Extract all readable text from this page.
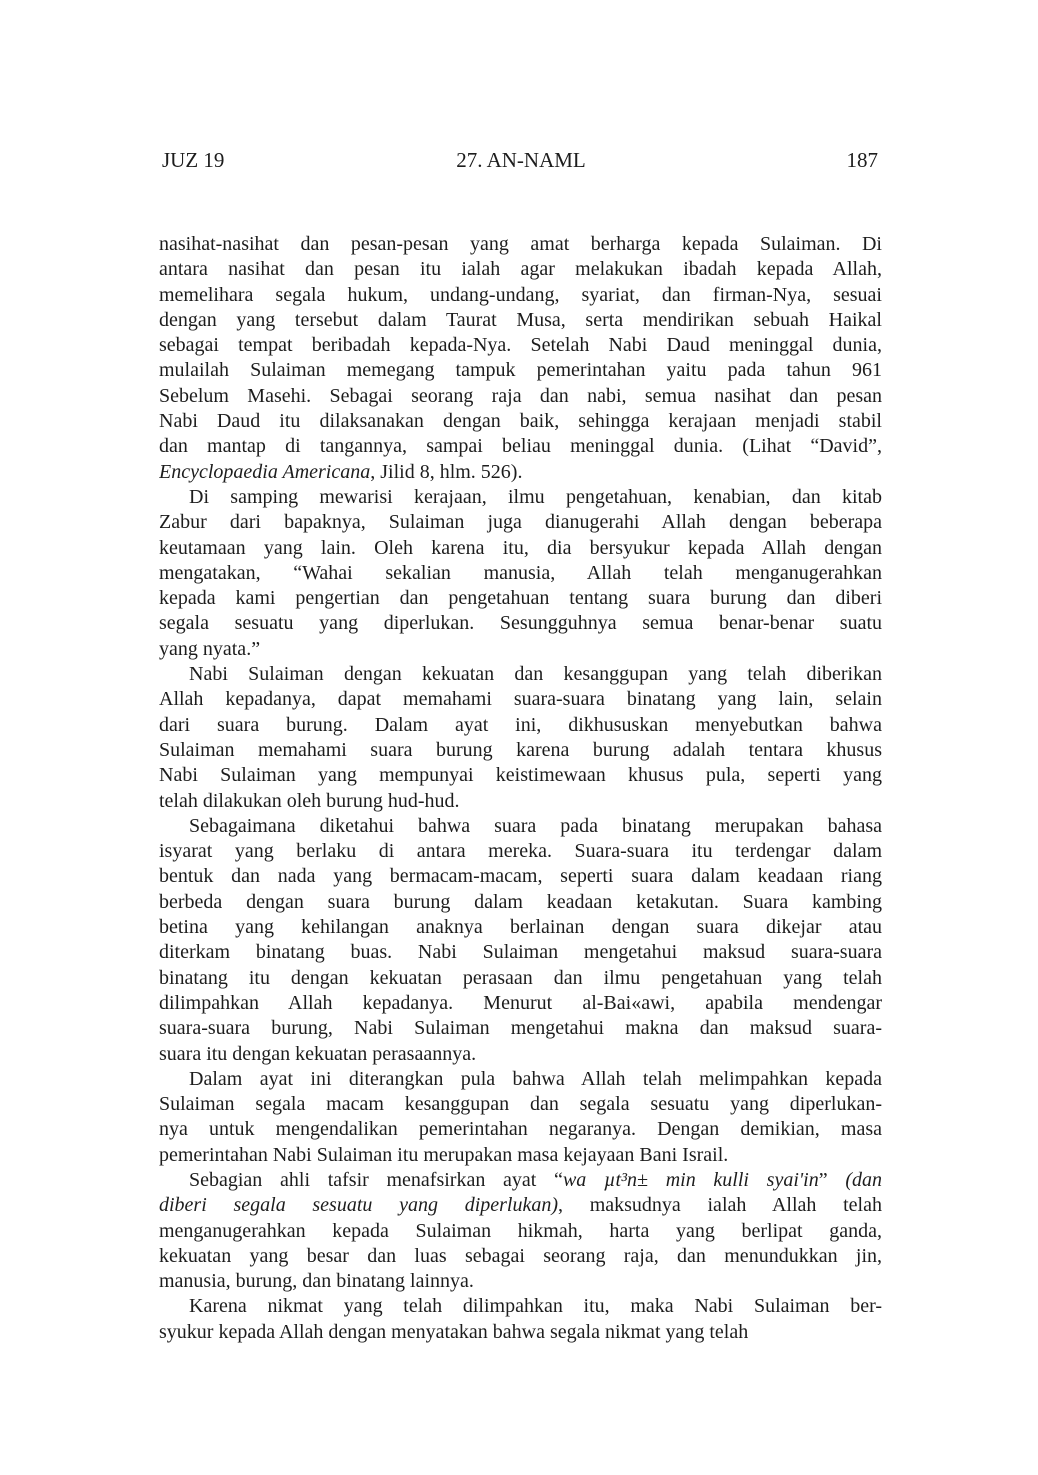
JUZ 19	27. AN-NAML	187
nasihat-nasihat dan pesan-pesan yang amat berharga kepada Sulaiman. Di
antara nasihat dan pesan itu ialah agar melakukan ibadah kepada Allah,
memelihara segala hukum, undang-undang, syariat, dan firman-Nya, sesuai
dengan yang tersebut dalam Taurat Musa, serta mendirikan sebuah Haikal
sebagai tempat beribadah kepada-Nya. Setelah Nabi Daud meninggal dunia,
mulailah Sulaiman memegang tampuk pemerintahan yaitu pada tahun 961
Sebelum Masehi. Sebagai seorang raja dan nabi, semua nasihat dan pesan
Nabi Daud itu dilaksanakan dengan baik, sehingga kerajaan menjadi stabil
dan mantap di tangannya, sampai beliau meninggal dunia. (Lihat “David”,
Encyclopaedia Americana, Jilid 8, hlm. 526).
Di samping mewarisi kerajaan, ilmu pengetahuan, kenabian, dan kitab
Zabur dari bapaknya, Sulaiman juga dianugerahi Allah dengan beberapa
keutamaan yang lain. Oleh karena itu, dia bersyukur kepada Allah dengan
mengatakan, “Wahai sekalian manusia, Allah telah menganugerahkan
kepada kami pengertian dan pengetahuan tentang suara burung dan diberi
segala sesuatu yang diperlukan. Sesungguhnya semua benar-benar suatu
yang nyata.”
Nabi Sulaiman dengan kekuatan dan kesanggupan yang telah diberikan
Allah kepadanya, dapat memahami suara-suara binatang yang lain, selain
dari suara burung. Dalam ayat ini, dikhususkan menyebutkan bahwa
Sulaiman memahami suara burung karena burung adalah tentara khusus
Nabi Sulaiman yang mempunyai keistimewaan khusus pula, seperti yang
telah dilakukan oleh burung hud-hud.
Sebagaimana diketahui bahwa suara pada binatang merupakan bahasa
isyarat yang berlaku di antara mereka. Suara-suara itu terdengar dalam
bentuk dan nada yang bermacam-macam, seperti suara dalam keadaan riang
berbeda dengan suara burung dalam keadaan ketakutan. Suara kambing
betina yang kehilangan anaknya berlainan dengan suara dikejar atau
diterkam binatang buas. Nabi Sulaiman mengetahui maksud suara-suara
binatang itu dengan kekuatan perasaan dan ilmu pengetahuan yang telah
dilimpahkan Allah kepadanya. Menurut al-Bai«awi, apabila mendengar
suara-suara burung, Nabi Sulaiman mengetahui makna dan maksud suara-
suara itu dengan kekuatan perasaannya.
Dalam ayat ini diterangkan pula bahwa Allah telah melimpahkan kepada
Sulaiman segala macam kesanggupan dan segala sesuatu yang diperlukan-
nya untuk mengendalikan pemerintahan negaranya. Dengan demikian, masa
pemerintahan Nabi Sulaiman itu merupakan masa kejayaan Bani Israil.
Sebagian ahli tafsir menafsirkan ayat “wa µt³n± min kulli syai'in” (dan
diberi segala sesuatu yang diperlukan), maksudnya ialah Allah telah
menganugerahkan kepada Sulaiman hikmah, harta yang berlipat ganda,
kekuatan yang besar dan luas sebagai seorang raja, dan menundukkan jin,
manusia, burung, dan binatang lainnya.
Karena nikmat yang telah dilimpahkan itu, maka Nabi Sulaiman ber-
syukur kepada Allah dengan menyatakan bahwa segala nikmat yang telah
